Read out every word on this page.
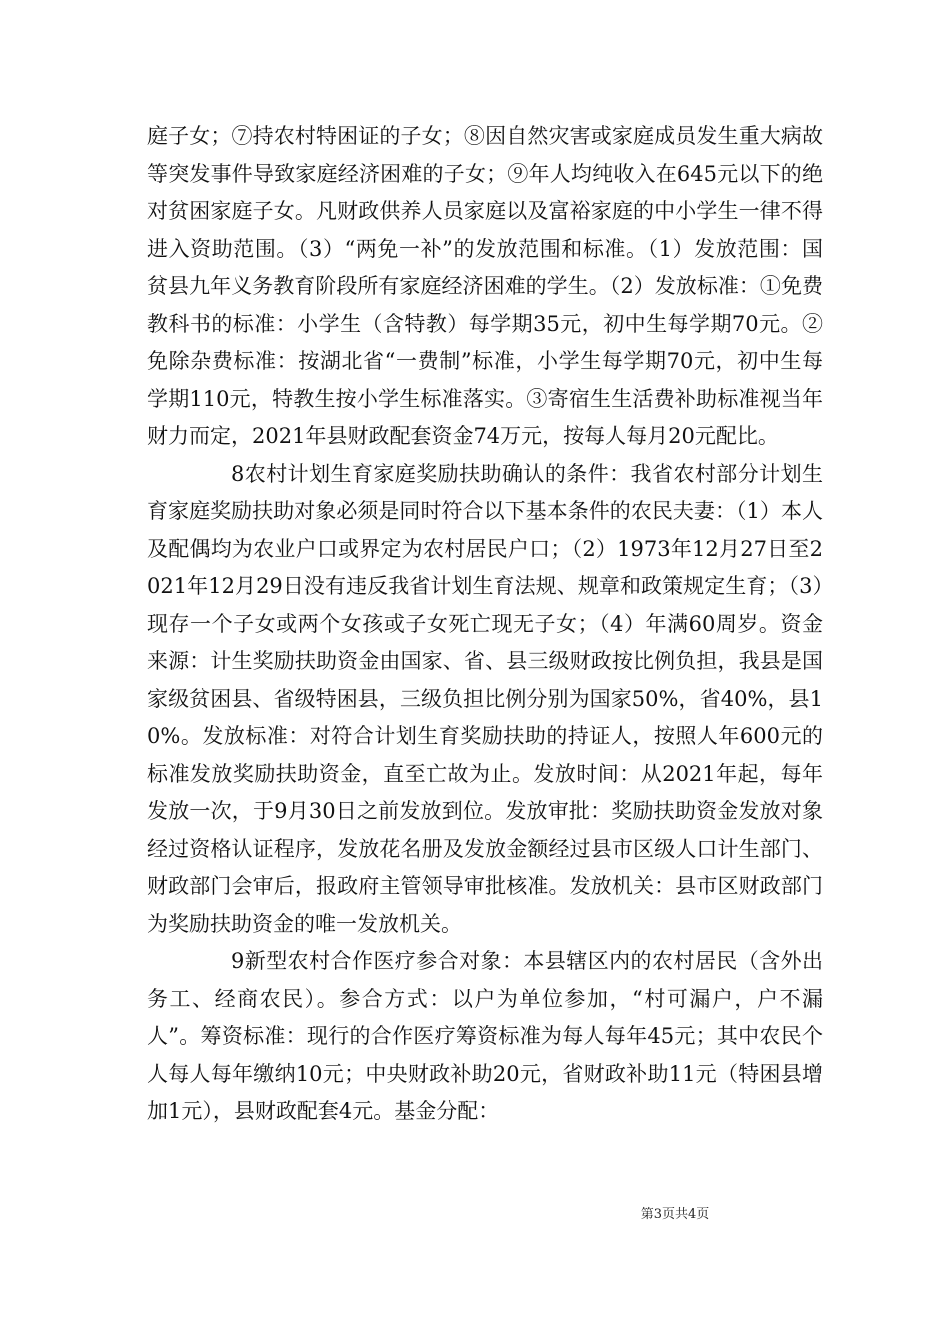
庭子女；⑦持农村特困证的子女；⑧因自然灾害或家庭成员发生重大病故等突发事件导致家庭经济困难的子女；⑨年人均纯收入在645元以下的绝对贫困家庭子女。凡财政供养人员家庭以及富裕家庭的中小学生一律不得进入资助范围。（3）“两免一补”的发放范围和标准。（1）发放范围：国贫县九年义务教育阶段所有家庭经济困难的学生。（2）发放标准：①免费教科书的标准：小学生（含特教）每学期35元，初中生每学期70元。②免除杂费标准：按湖北省“一费制”标准，小学生每学期70元，初中生每学期110元，特教生按小学生标准落实。③寄宿生生活费补助标准视当年财力而定，2021年县财政配套资金74万元，按每人每月20元配比。

8农村计划生育家庭奖励扶助确认的条件：我省农村部分计划生育家庭奖励扶助对象必须是同时符合以下基本条件的农民夫妻：（1）本人及配偶均为农业户口或界定为农村居民户口；（2）1973年12月27日至2021年12月29日没有违反我省计划生育法规、规章和政策规定生育；（3）现存一个子女或两个女孩或子女死亡现无子女；（4）年满60周岁。资金来源：计生奖励扶助资金由国家、省、县三级财政按比例负担，我县是国家级贫困县、省级特困县，三级负担比例分别为国家50%，省40%，县10%。发放标准：对符合计划生育奖励扶助的持证人，按照人年600元的标准发放奖励扶助资金，直至亡故为止。发放时间：从2021年起，每年发放一次，于9月30日之前发放到位。发放审批：奖励扶助资金发放对象经过资格认证程序，发放花名册及发放金额经过县市区级人口计生部门、财政部门会审后，报政府主管领导审批核准。发放机关：县市区财政部门为奖励扶助资金的唯一发放机关。

9新型农村合作医疗参合对象：本县辖区内的农村居民（含外出务工、经商农民）。参合方式：以户为单位参加，“村可漏户，户不漏人”。筹资标准：现行的合作医疗筹资标准为每人每年45元；其中农民个人每人每年缴纳10元；中央财政补助20元，省财政补助11元（特困县增加1元），县财政配套4元。基金分配：

第3页共4页
